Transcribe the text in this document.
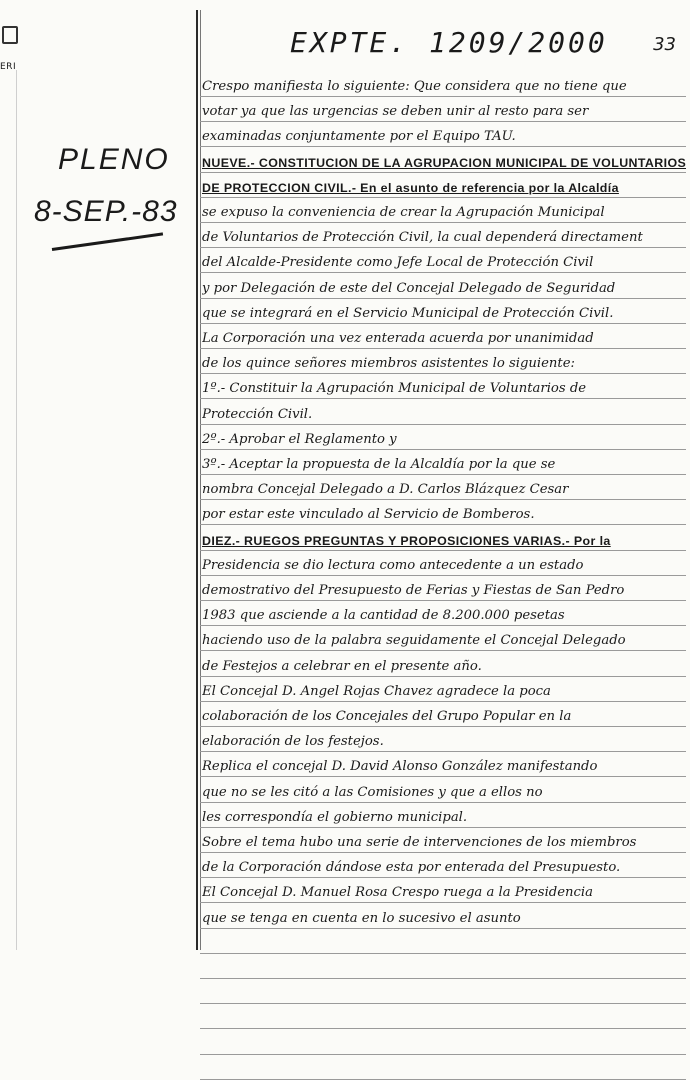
ERI
EXPTE. 1209/2000	33
PLENO
8-SEP.-83
Crespo manifiesta lo siguiente: Que considera que no tiene que
votar ya que las urgencias se deben unir al resto para ser
examinadas conjuntamente por el Equipo TAU.
NUEVE.- CONSTITUCION DE LA AGRUPACION MUNICIPAL DE VOLUNTARIOS
DE PROTECCION CIVIL.- En el asunto de referencia por la Alcaldía
se expuso la conveniencia de crear la Agrupación Municipal
de Voluntarios de Protección Civil, la cual dependerá directament
del Alcalde-Presidente como Jefe Local de Protección Civil
y por Delegación de este del Concejal Delegado de Seguridad
que se integrará en el Servicio Municipal de Protección Civil.
La Corporación una vez enterada acuerda por unanimidad
de los quince señores miembros asistentes lo siguiente:
1º.- Constituir la Agrupación Municipal de Voluntarios de
Protección Civil.
2º.- Aprobar el Reglamento y
3º.- Aceptar la propuesta de la Alcaldía por la que se
nombra Concejal Delegado a D. Carlos Blázquez Cesar
por estar este vinculado al Servicio de Bomberos.
DIEZ.- RUEGOS PREGUNTAS Y PROPOSICIONES VARIAS.- Por la
Presidencia se dio lectura como antecedente a un estado
demostrativo del Presupuesto de Ferias y Fiestas de San Pedro
1983 que asciende a la cantidad de 8.200.000 pesetas
haciendo uso de la palabra seguidamente el Concejal Delegado
de Festejos a celebrar en el presente año.
El Concejal D. Angel Rojas Chavez agradece la poca
colaboración de los Concejales del Grupo Popular en la
elaboración de los festejos.
Replica el concejal D. David Alonso González manifestando
que no se les citó a las Comisiones y que a ellos no
les correspondía el gobierno municipal.
Sobre el tema hubo una serie de intervenciones de los miembros
de la Corporación dándose esta por enterada del Presupuesto.
El Concejal D. Manuel Rosa Crespo ruega a la Presidencia
que se tenga en cuenta en lo sucesivo el asunto
